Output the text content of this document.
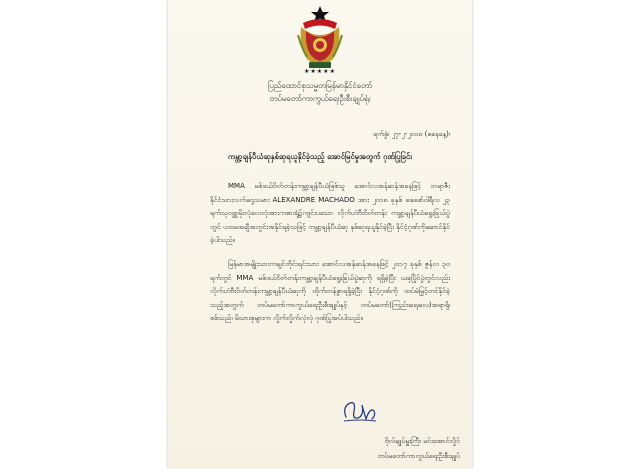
★★★★★
ပြည်ထောင်စုသမ္မတမြန်မာနိုင်ငံတော်
တပ်မတော်ကာကွယ်ရေးဦးစီးချုပ်ရုံး
ရက်စွဲ၊ ၂၇-၂-၂၀၁၈ (စနေနေ့)၊
ကမ္ဘာ့ချန်ပီယံဆုနှစ်ဆုရယူနိုင်ခဲ့သည့် အောင်မြင်မှုအတွက် ဂုဏ်ပြုခြင်း
MMA မစ်ဒယ်ဝိတ်တန်းကမ္ဘာ့ချန်ပီယံဖြစ်သူ အောင်လအန်ဆန်အနေဖြင့် ဘရာဇီးနိုင်ငံသားလက်ဝှေ့သမား ALEXANDRE MACHADO အား ၂၀၁၈ ခုနှစ် ဖေဖော်ဝါရီလ ၂၃ ရက်သုဝဏ္ဏမိုးလုံလေလုံအားကစားရုံ၌ကျင်းပသော လိုက်ဟဲဗီးဝိတ်တန်း ကမ္ဘာ့ချန်ပီယံရွေးခြယ်ပွဲတွင် ပထမအချီအတွင်းအနိုင်ရခဲ့သဖြင့် ကမ္ဘာ့ချန်ပီယံဆု နှစ်ဆုရယူနိုင်ခဲ့ပြီး နိုင်ငံ့ဂုဏ်ကိုဆောင်နိုင်ခဲ့ပါသည်။
မြန်မာအမျိုးသားကချင်တိုင်းရင်းသား အောင်လအန်ဆန်အနေဖြင့် ၂၀၁၇ ခုနှစ် ဇွန်လ ၃၀ ရက်တွင် MMA မစ်ဒယ်ဝိတ်တန်းကမ္ဘာ့ချန်ပီယံရွေးခြယ်ပွဲဆုကို ရရှိခဲ့ပြီး ယခုပြိုင်ပွဲတွင်လည်း လိုက်ဟဲဗီးဝိတ်တန်းကမ္ဘာ့ချန်ပီယံဆုကို ထိုက်တန်စွာရရှိခဲ့ပြီး နိုင်ငံ့ဂုဏ်ကို ထပ်မံမြှင့်တင်နိုင်ခဲ့သည့်အတွက် တပ်မတော်ကာကွယ်ရေးဦးစီးချုပ်နှင့် တပ်မတော်(ကြည်း၊ရေ၊လေ)အရာရှိ၊ စစ်သည်၊ မိသားစုများက လှိုက်လှိုက်လှဲလှဲ ဂုဏ်ပြုအပ်ပါသည်။
ဗိုလ်ချုပ်မှူးကြီး မင်းအောင်လှိုင်
တပ်မတော်ကာကွယ်ရေးဦးစီးချုပ်
